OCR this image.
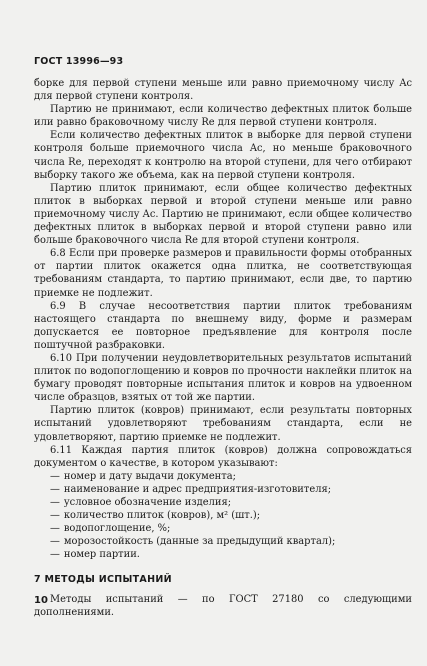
ГОСТ 13996—93

борке для первой ступени меньше или равно приемочному числу Ac для первой ступени контроля.

Партию не принимают, если количество дефектных плиток больше или равно браковочному числу Re для первой ступени контроля.

Если количество дефектных плиток в выборке для первой ступени контроля больше приемочного числа Ac, но меньше браковочного числа Re, переходят к контролю на второй ступени, для чего отбирают выборку такого же объема, как на первой ступени контроля.

Партию плиток принимают, если общее количество дефектных плиток в выборках первой и второй ступени меньше или равно приемочному числу Ac. Партию не принимают, если общее количество дефектных плиток в выборках первой и второй ступени равно или больше браковочного числа Re для второй ступени контроля.

6.8 Если при проверке размеров и правильности формы отобранных от партии плиток окажется одна плитка, не соответствующая требованиям стандарта, то партию принимают, если две, то партию приемке не подлежит.

6.9 В случае несоответствия партии плиток требованиям настоящего стандарта по внешнему виду, форме и размерам допускается ее повторное предъявление для контроля после поштучной разбраковки.

6.10 При получении неудовлетворительных результатов испытаний плиток по водопоглощению и ковров по прочности наклейки плиток на бумагу проводят повторные испытания плиток и ковров на удвоенном числе образцов, взятых от той же партии.

Партию плиток (ковров) принимают, если результаты повторных испытаний удовлетворяют требованиям стандарта, если не удовлетворяют, партию приемке не подлежит.

6.11 Каждая партия плиток (ковров) должна сопровождаться документом о качестве, в котором указывают:

— номер и дату выдачи документа;
— наименование и адрес предприятия-изготовителя;
— условное обозначение изделия;
— количество плиток (ковров), м² (шт.);
— водопоглощение, %;
— морозостойкость (данные за предыдущий квартал);
— номер партии.

7 МЕТОДЫ ИСПЫТАНИЙ

Методы испытаний — по ГОСТ 27180 со следующими дополнениями.

10
